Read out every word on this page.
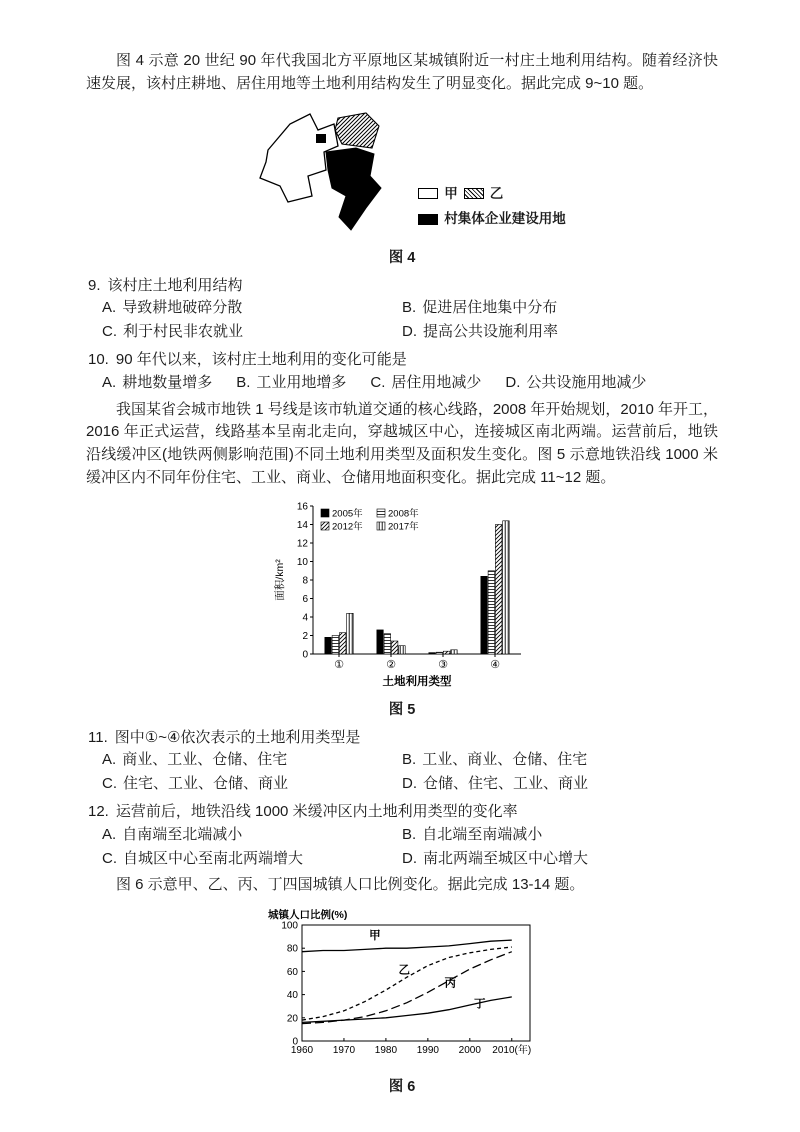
图 4 示意 20 世纪 90 年代我国北方平原地区某城镇附近一村庄土地利用结构。随着经济快速发展，该村庄耕地、居住用地等土地利用结构发生了明显变化。据此完成 9~10 题。

甲 乙
村集体企业建设用地
图 4
9. 该村庄土地利用结构
A. 导致耕地破碎分散	B. 促进居住地集中分布
C. 利于村民非农就业	D. 提高公共设施利用率
10. 90 年代以来，该村庄土地利用的变化可能是
A. 耕地数量增多 B. 工业用地增多 C. 居住用地减少 D. 公共设施用地减少

我国某省会城市地铁 1 号线是该市轨道交通的核心线路，2008 年开始规划，2010 年开工，2016 年正式运营，线路基本呈南北走向，穿越城区中心，连接城区南北两端。运营前后，地铁沿线缓冲区(地铁两侧影响范围)不同土地利用类型及面积发生变化。图 5 示意地铁沿线 1000 米缓冲区内不同年份住宅、工业、商业、仓储用地面积变化。据此完成 11~12 题。

0
2
4
6
8
10
12
14
16
①	②	③	④
2005年	2008年
2012年	2017年
面积/km²
土地利用类型
图 5
11. 图中①~④依次表示的土地利用类型是
A. 商业、工业、仓储、住宅	B. 工业、商业、仓储、住宅
C. 住宅、工业、仓储、商业	D. 仓储、住宅、工业、商业
12. 运营前后，地铁沿线 1000 米缓冲区内土地利用类型的变化率
A. 自南端至北端减小	B. 自北端至南端减小
C. 自城区中心至南北两端增大	D. 南北两端至城区中心增大

图 6 示意甲、乙、丙、丁四国城镇人口比例变化。据此完成 13-14 题。

0
20
40
60
80
100
1960 1970 1980 1990 2000 2010(年)
甲
乙
丙
丁
城镇人口比例(%)
图 6
